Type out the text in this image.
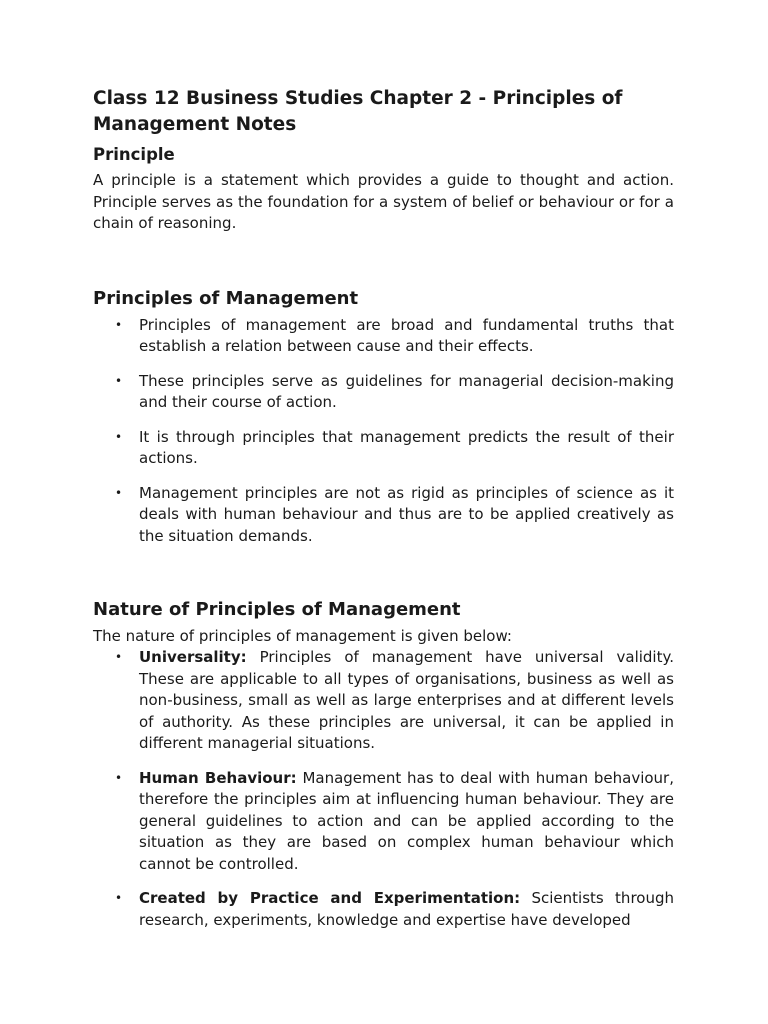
Class 12 Business Studies Chapter 2 - Principles of Management Notes
Principle

A principle is a statement which provides a guide to thought and action. Principle serves as the foundation for a system of belief or behaviour or for a chain of reasoning.

Principles of Management
• Principles of management are broad and fundamental truths that establish a relation between cause and their effects.
• These principles serve as guidelines for managerial decision-making and their course of action.
• It is through principles that management predicts the result of their actions.
• Management principles are not as rigid as principles of science as it deals with human behaviour and thus are to be applied creatively as the situation demands.
Nature of Principles of Management

The nature of principles of management is given below:

• Universality: Principles of management have universal validity. These are applicable to all types of organisations, business as well as non-business, small as well as large enterprises and at different levels of authority. As these principles are universal, it can be applied in different managerial situations.
• Human Behaviour: Management has to deal with human behaviour, therefore the principles aim at influencing human behaviour. They are general guidelines to action and can be applied according to the situation as they are based on complex human behaviour which cannot be controlled.
• Created by Practice and Experimentation: Scientists through research, experiments, knowledge and expertise have developed
